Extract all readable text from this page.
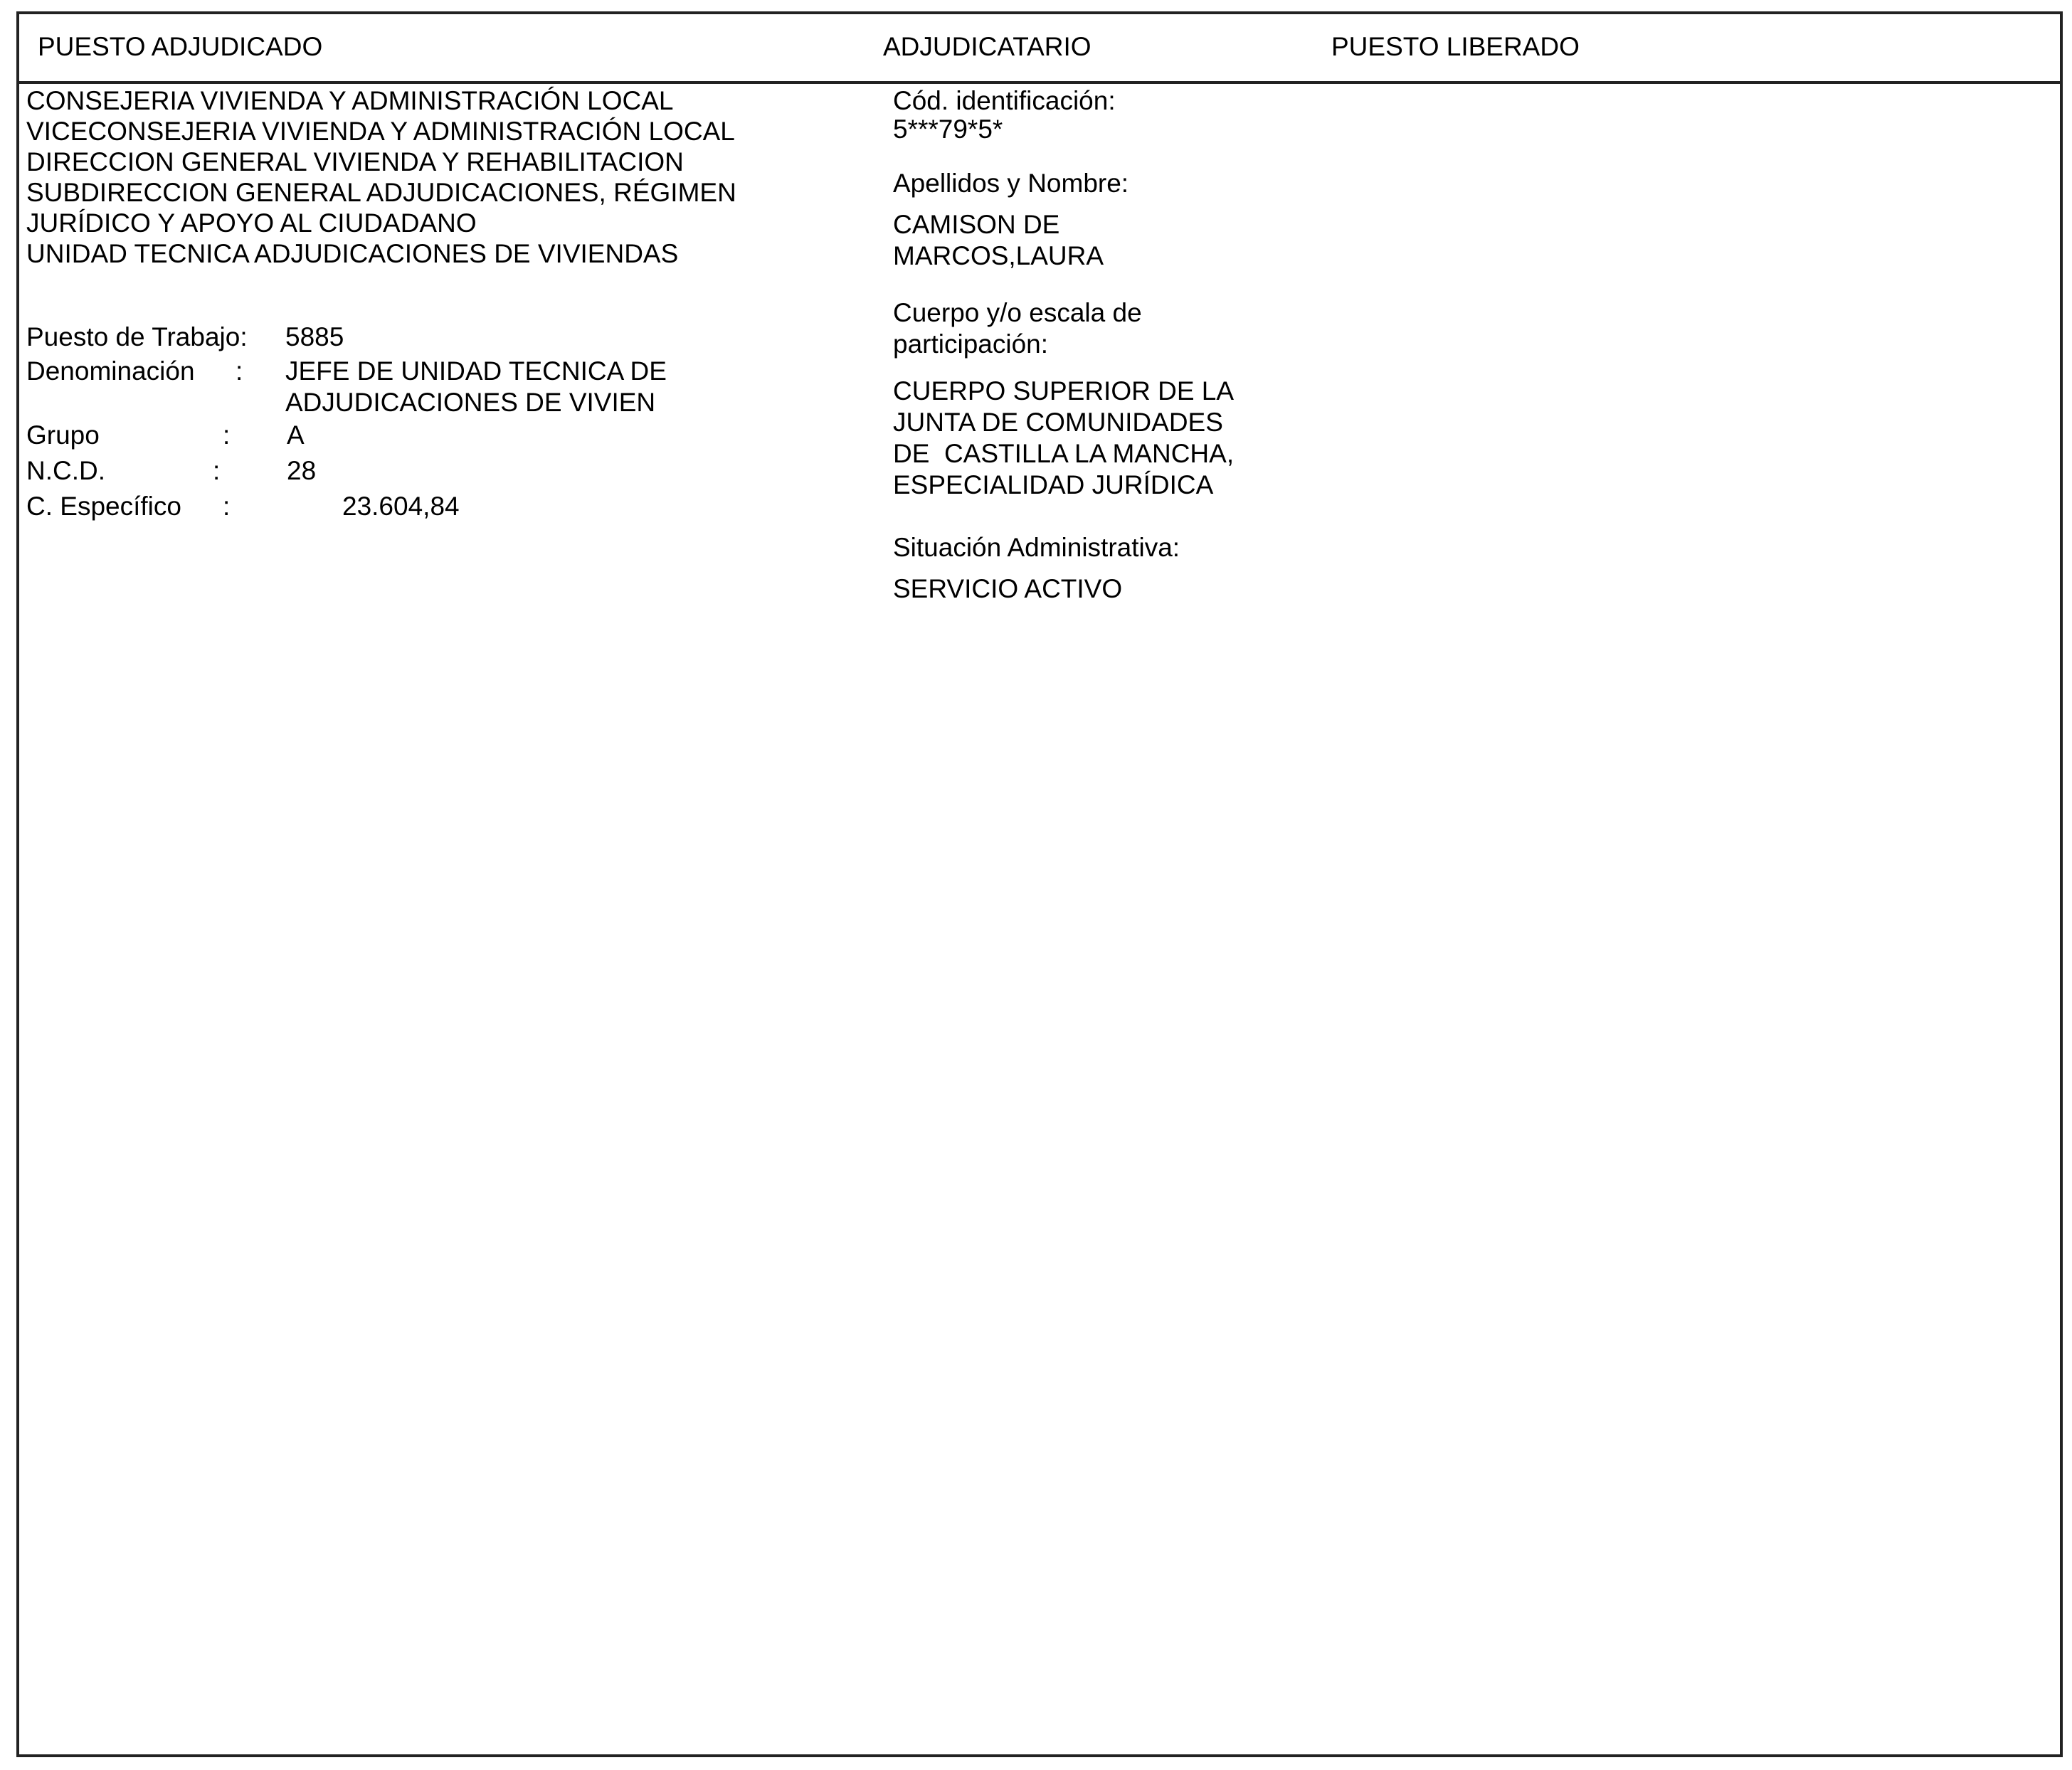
PUESTO ADJUDICADO	ADJUDICATARIO	PUESTO LIBERADO
CONSEJERIA VIVIENDA Y ADMINISTRACIÓN LOCAL
VICECONSEJERIA VIVIENDA Y ADMINISTRACIÓN LOCAL
DIRECCION GENERAL VIVIENDA Y REHABILITACION
SUBDIRECCION GENERAL ADJUDICACIONES, RÉGIMEN
JURÍDICO Y APOYO AL CIUDADANO
UNIDAD TECNICA ADJUDICACIONES DE VIVIENDAS
Puesto de Trabajo: 5885
Denominación : JEFE DE UNIDAD TECNICA DE
ADJUDICACIONES DE VIVIEN
Grupo	: A
N.C.D.	:	28
C. Específico :	23.604,84
Cód. identificación:
5***79*5*
Apellidos y Nombre:
CAMISON DE
MARCOS,LAURA
Cuerpo y/o escala de
participación:
CUERPO SUPERIOR DE LA
JUNTA DE COMUNIDADES
DE  CASTILLA LA MANCHA,
ESPECIALIDAD JURÍDICA
Situación Administrativa:
SERVICIO ACTIVO
